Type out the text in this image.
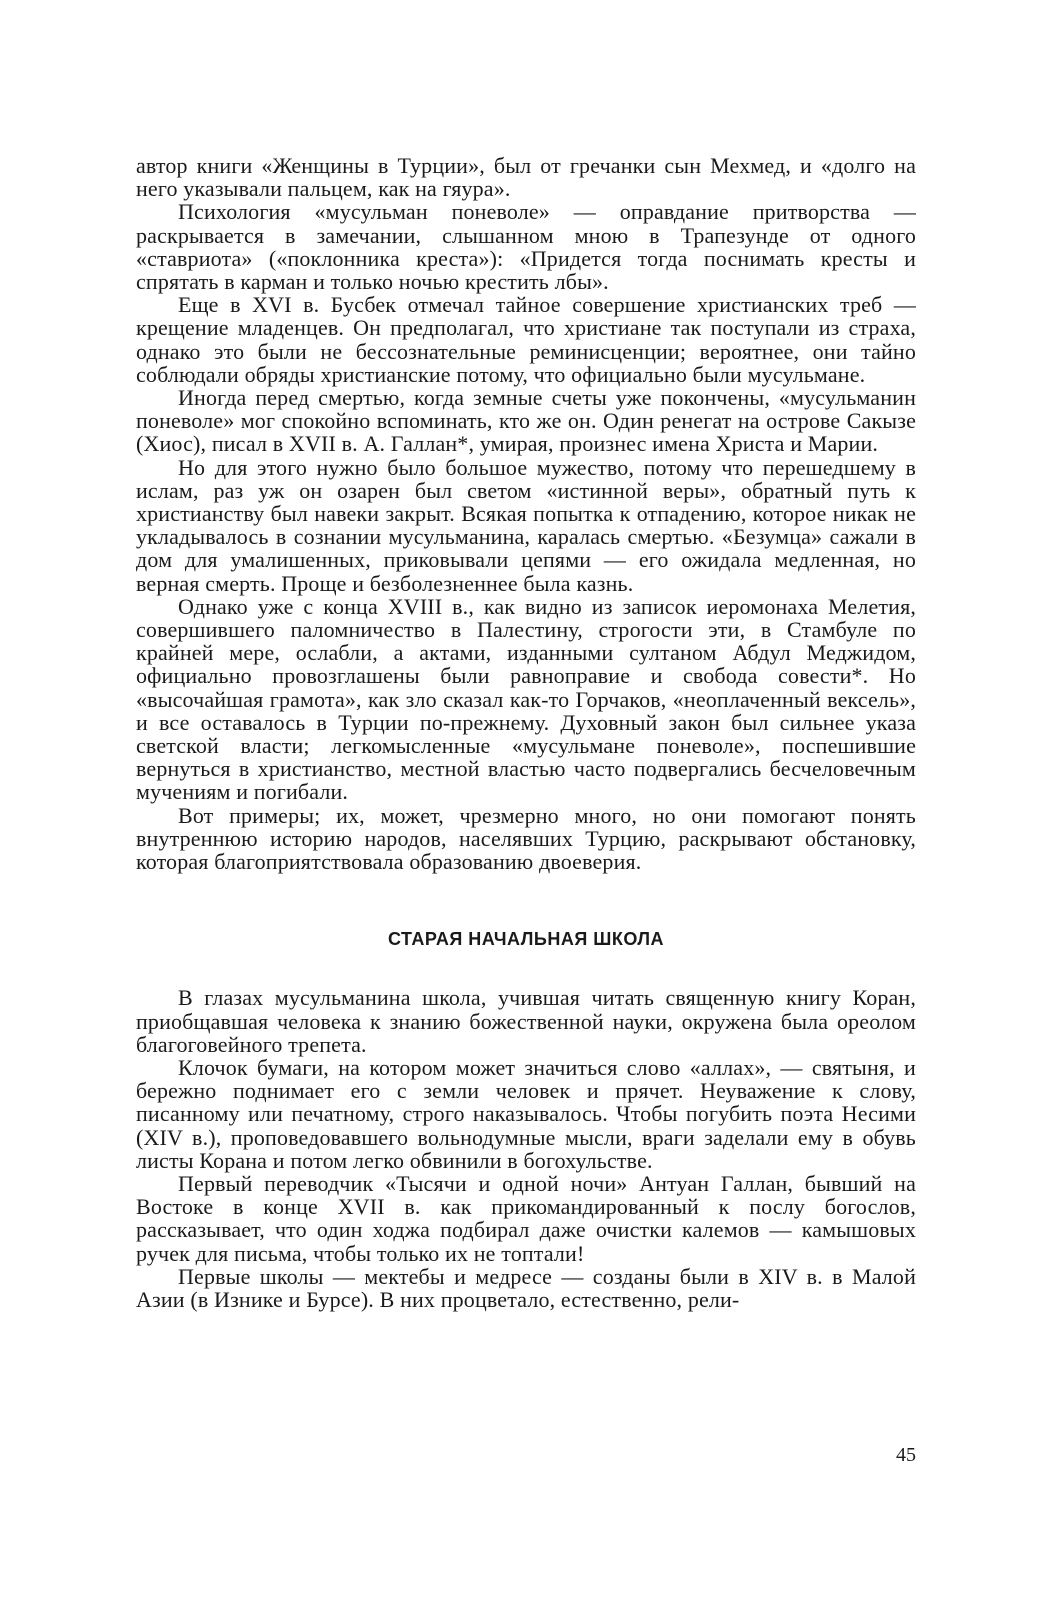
автор книги «Женщины в Турции», был от гречанки сын Мехмед, и «долго на него указывали пальцем, как на гяура».

Психология «мусульман поневоле» — оправдание притворства — раскрывается в замечании, слышанном мною в Трапезунде от одного «ставриота» («поклонника креста»): «Придется тогда поснимать кресты и спрятать в карман и только ночью крестить лбы».

Еще в XVI в. Бусбек отмечал тайное совершение христианских треб — крещение младенцев. Он предполагал, что христиане так поступали из страха, однако это были не бессознательные реминисценции; вероятнее, они тайно соблюдали обряды христианские потому, что официально были мусульмане.

Иногда перед смертью, когда земные счеты уже покончены, «мусульманин поневоле» мог спокойно вспоминать, кто же он. Один ренегат на острове Сакызе (Хиос), писал в XVII в. А. Галлан*, умирая, произнес имена Христа и Марии.

Но для этого нужно было большое мужество, потому что перешедшему в ислам, раз уж он озарен был светом «истинной веры», обратный путь к христианству был навеки закрыт. Всякая попытка к отпадению, которое никак не укладывалось в сознании мусульманина, каралась смертью. «Безумца» сажали в дом для умалишенных, приковывали цепями — его ожидала медленная, но верная смерть. Проще и безболезненнее была казнь.

Однако уже с конца XVIII в., как видно из записок иеромонаха Мелетия, совершившего паломничество в Палестину, строгости эти, в Стамбуле по крайней мере, ослабли, а актами, изданными султаном Абдул Меджидом, официально провозглашены были равноправие и свобода совести*. Но «высочайшая грамота», как зло сказал как-то Горчаков, «неоплаченный вексель», и все оставалось в Турции по-прежнему. Духовный закон был сильнее указа светской власти; легкомысленные «мусульмане поневоле», поспешившие вернуться в христианство, местной властью часто подвергались бесчеловечным мучениям и погибали.

Вот примеры; их, может, чрезмерно много, но они помогают понять внутреннюю историю народов, населявших Турцию, раскрывают обстановку, которая благоприятствовала образованию двоеверия.

СТАРАЯ НАЧАЛЬНАЯ ШКОЛА

В глазах мусульманина школа, учившая читать священную книгу Коран, приобщавшая человека к знанию божественной науки, окружена была ореолом благоговейного трепета.

Клочок бумаги, на котором может значиться слово «аллах», — святыня, и бережно поднимает его с земли человек и прячет. Неуважение к слову, писанному или печатному, строго наказывалось. Чтобы погубить поэта Несими (XIV в.), проповедовавшего вольнодумные мысли, враги заделали ему в обувь листы Корана и потом легко обвинили в богохульстве.

Первый переводчик «Тысячи и одной ночи» Антуан Галлан, бывший на Востоке в конце XVII в. как прикомандированный к послу богослов, рассказывает, что один ходжа подбирал даже очистки калемов — камышовых ручек для письма, чтобы только их не топтали!

Первые школы — мектебы и медресе — созданы были в XIV в. в Малой Азии (в Изнике и Бурсе). В них процветало, естественно, рели-

45
